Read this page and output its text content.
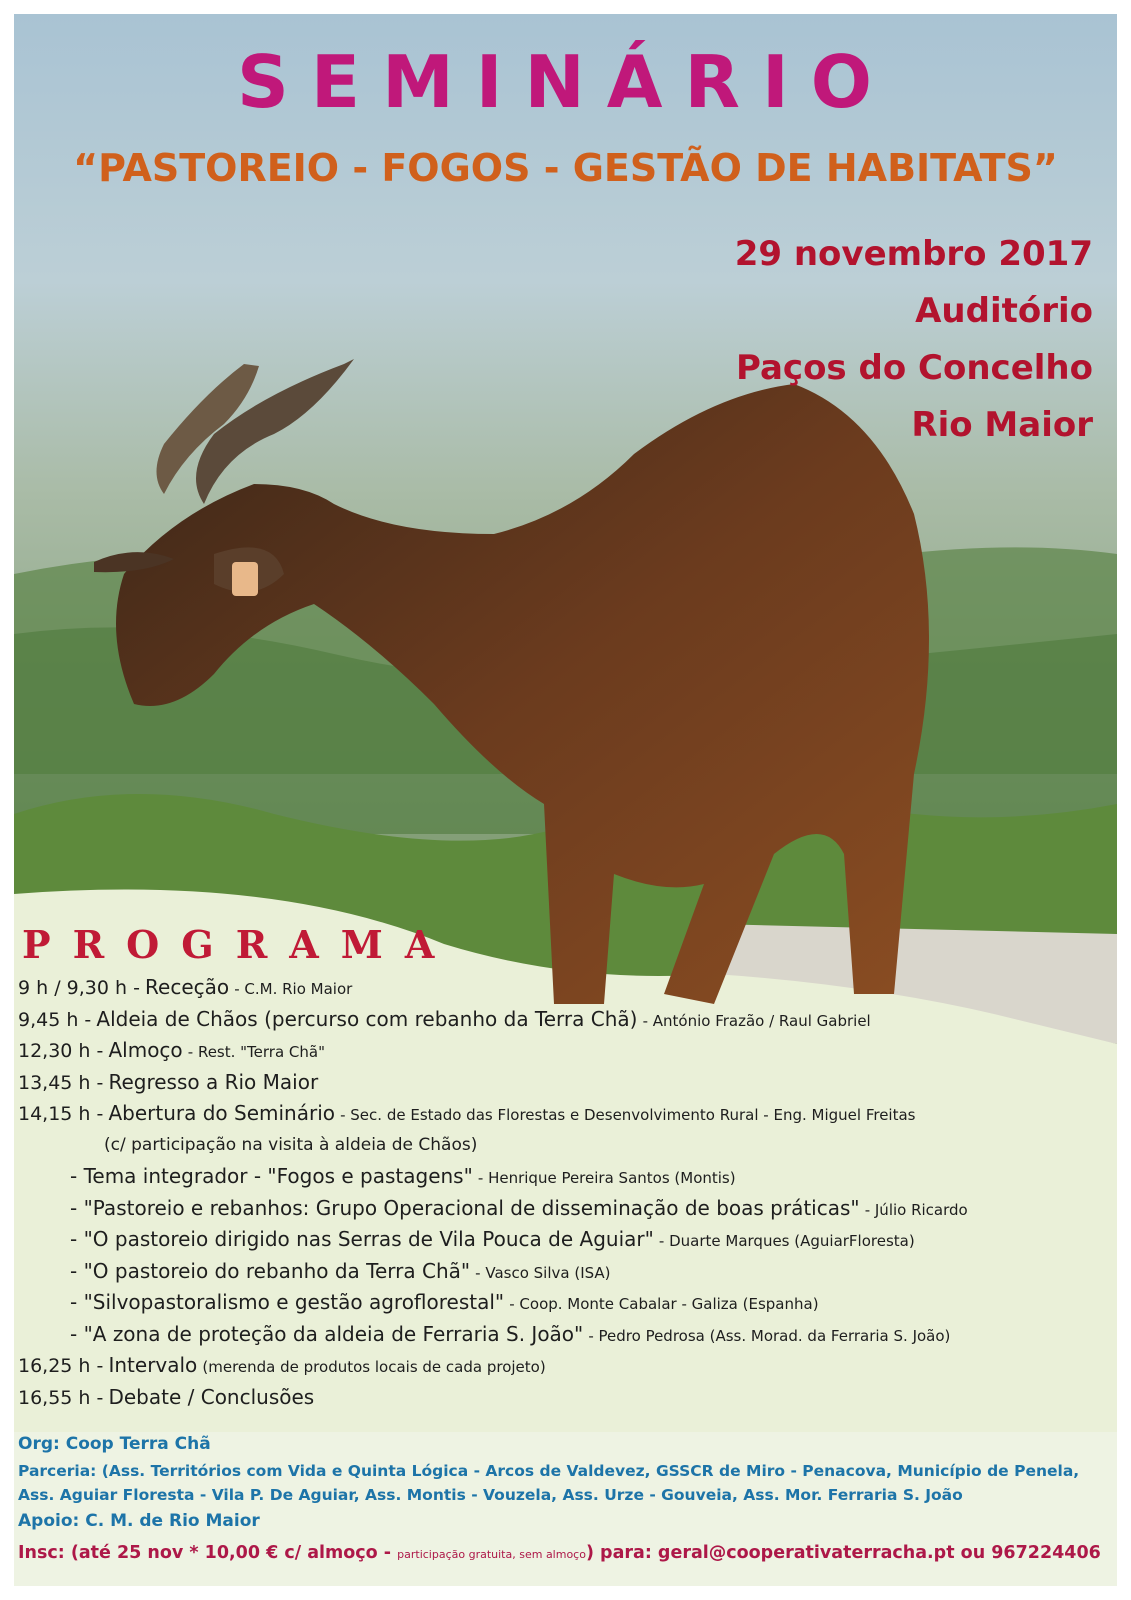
SEMINÁRIO
“PASTOREIO - FOGOS - GESTÃO DE HABITATS”
29 novembro 2017
Auditório
Paços do Concelho
Rio Maior
PROGRAMA
9 h / 9,30 h - Receção - C.M. Rio Maior
9,45 h - Aldeia de Chãos (percurso com rebanho da Terra Chã) - António Frazão / Raul Gabriel
12,30 h - Almoço - Rest. "Terra Chã"
13,45 h - Regresso a Rio Maior
14,15 h - Abertura do Seminário - Sec. de Estado das Florestas e Desenvolvimento Rural - Eng. Miguel Freitas
(c/ participação na visita à aldeia de Chãos)
- Tema integrador - "Fogos e pastagens" - Henrique Pereira Santos (Montis)
- "Pastoreio e rebanhos: Grupo Operacional de disseminação de boas práticas" - Júlio Ricardo
- "O pastoreio dirigido nas Serras de Vila Pouca de Aguiar" - Duarte Marques (AguiarFloresta)
- "O pastoreio do rebanho da Terra Chã" - Vasco Silva (ISA)
- "Silvopastoralismo e gestão agroflorestal" - Coop. Monte Cabalar - Galiza (Espanha)
- "A zona de proteção da aldeia de Ferraria S. João" - Pedro Pedrosa (Ass. Morad. da Ferraria S. João)
16,25 h - Intervalo (merenda de produtos locais de cada projeto)
16,55 h - Debate / Conclusões
Org: Coop Terra Chã
Parceria: (Ass. Territórios com Vida e Quinta Lógica - Arcos de Valdevez, GSSCR de Miro - Penacova, Município de Penela,
Ass. Aguiar Floresta - Vila P. De Aguiar, Ass. Montis - Vouzela, Ass. Urze - Gouveia, Ass. Mor. Ferraria S. João
Apoio: C. M. de Rio Maior
Insc: (até 25 nov * 10,00 € c/ almoço - participação gratuita, sem almoço) para: geral@cooperativaterracha.pt ou 967224406
